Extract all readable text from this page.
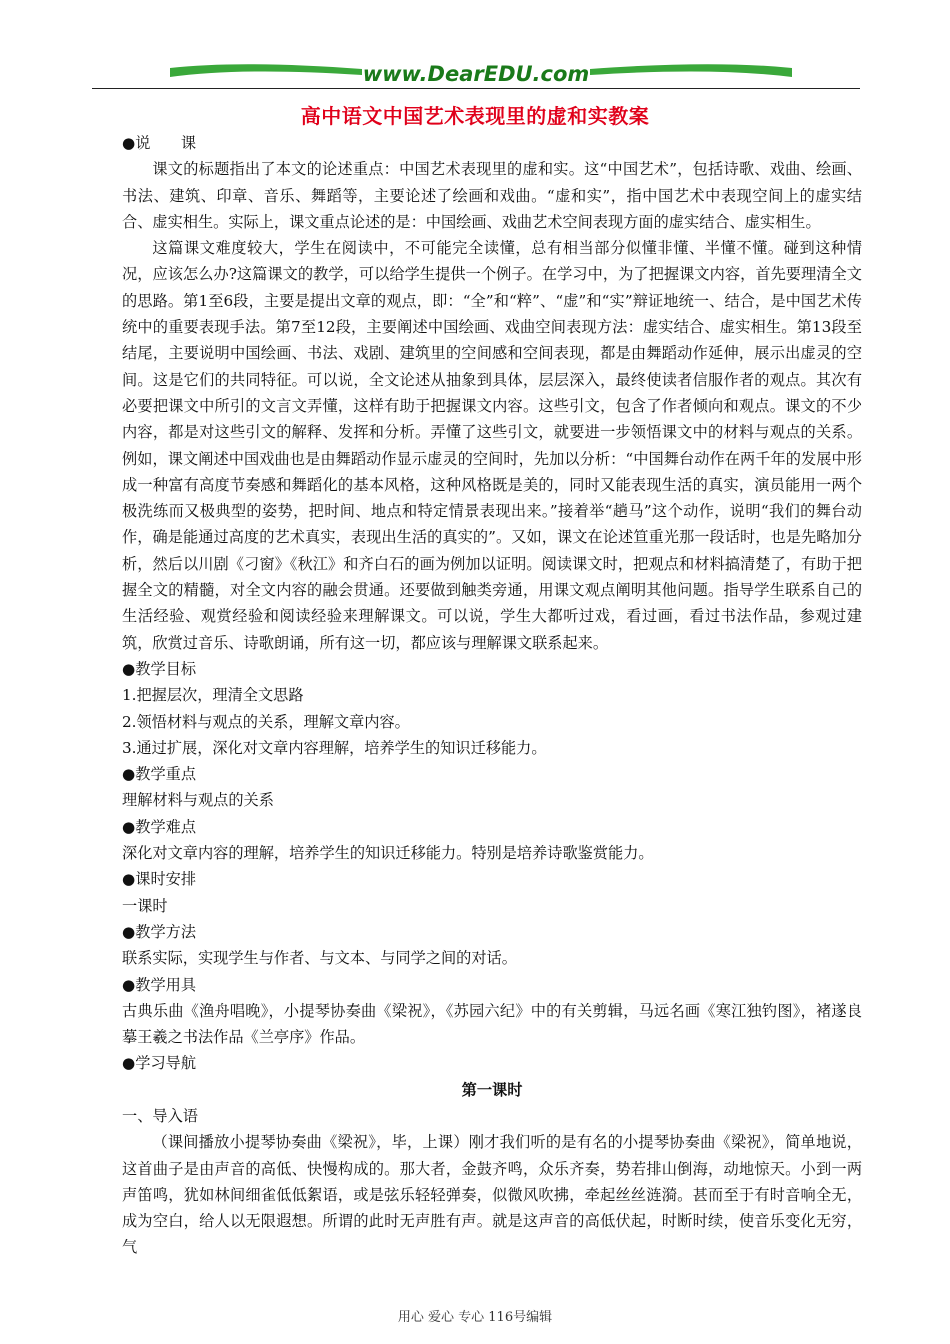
www.DearEDU.com
高中语文中国艺术表现里的虚和实教案

●说　　课

课文的标题指出了本文的论述重点：中国艺术表现里的虚和实。这“中国艺术”，包括诗歌、戏曲、绘画、书法、建筑、印章、音乐、舞蹈等，主要论述了绘画和戏曲。“虚和实”，指中国艺术中表现空间上的虚实结合、虚实相生。实际上，课文重点论述的是：中国绘画、戏曲艺术空间表现方面的虚实结合、虚实相生。

这篇课文难度较大，学生在阅读中，不可能完全读懂，总有相当部分似懂非懂、半懂不懂。碰到这种情况，应该怎么办?这篇课文的教学，可以给学生提供一个例子。在学习中，为了把握课文内容，首先要理清全文的思路。第1至6段，主要是提出文章的观点，即：“全”和“粹”、“虚”和“实”辩证地统一、结合，是中国艺术传统中的重要表现手法。第7至12段，主要阐述中国绘画、戏曲空间表现方法：虚实结合、虚实相生。第13段至结尾，主要说明中国绘画、书法、戏剧、建筑里的空间感和空间表现，都是由舞蹈动作延伸，展示出虚灵的空间。这是它们的共同特征。可以说，全文论述从抽象到具体，层层深入，最终使读者信服作者的观点。其次有必要把课文中所引的文言文弄懂，这样有助于把握课文内容。这些引文，包含了作者倾向和观点。课文的不少内容，都是对这些引文的解释、发挥和分析。弄懂了这些引文，就要进一步领悟课文中的材料与观点的关系。例如，课文阐述中国戏曲也是由舞蹈动作显示虚灵的空间时，先加以分析：“中国舞台动作在两千年的发展中形成一种富有高度节奏感和舞蹈化的基本风格，这种风格既是美的，同时又能表现生活的真实，演员能用一两个极洗练而又极典型的姿势，把时间、地点和特定情景表现出来。”接着举“趟马”这个动作，说明“我们的舞台动作，确是能通过高度的艺术真实，表现出生活的真实的”。又如，课文在论述笪重光那一段话时，也是先略加分析，然后以川剧《刁窗》《秋江》和齐白石的画为例加以证明。阅读课文时，把观点和材料搞清楚了，有助于把握全文的精髓，对全文内容的融会贯通。还要做到触类旁通，用课文观点阐明其他问题。指导学生联系自己的生活经验、观赏经验和阅读经验来理解课文。可以说，学生大都听过戏，看过画，看过书法作品，参观过建筑，欣赏过音乐、诗歌朗诵，所有这一切，都应该与理解课文联系起来。

●教学目标

1.把握层次，理清全文思路

2.领悟材料与观点的关系，理解文章内容。

3.通过扩展，深化对文章内容理解，培养学生的知识迁移能力。

●教学重点

理解材料与观点的关系

●教学难点

深化对文章内容的理解，培养学生的知识迁移能力。特别是培养诗歌鉴赏能力。

●课时安排

一课时

●教学方法

联系实际，实现学生与作者、与文本、与同学之间的对话。

●教学用具

古典乐曲《渔舟唱晚》，小提琴协奏曲《梁祝》，《苏园六纪》中的有关剪辑，马远名画《寒江独钓图》，褚遂良摹王羲之书法作品《兰亭序》作品。

●学习导航

第一课时

一、导入语

（课间播放小提琴协奏曲《梁祝》，毕，上课）刚才我们听的是有名的小提琴协奏曲《梁祝》，简单地说，这首曲子是由声音的高低、快慢构成的。那大者，金鼓齐鸣，众乐齐奏，势若排山倒海，动地惊天。小到一两声笛鸣，犹如林间细雀低低絮语，或是弦乐轻轻弹奏，似微风吹拂，牵起丝丝涟漪。甚而至于有时音响全无，成为空白，给人以无限遐想。所谓的此时无声胜有声。就是这声音的高低伏起，时断时续，使音乐变化无穷，气

用心 爱心 专心 116号编辑
